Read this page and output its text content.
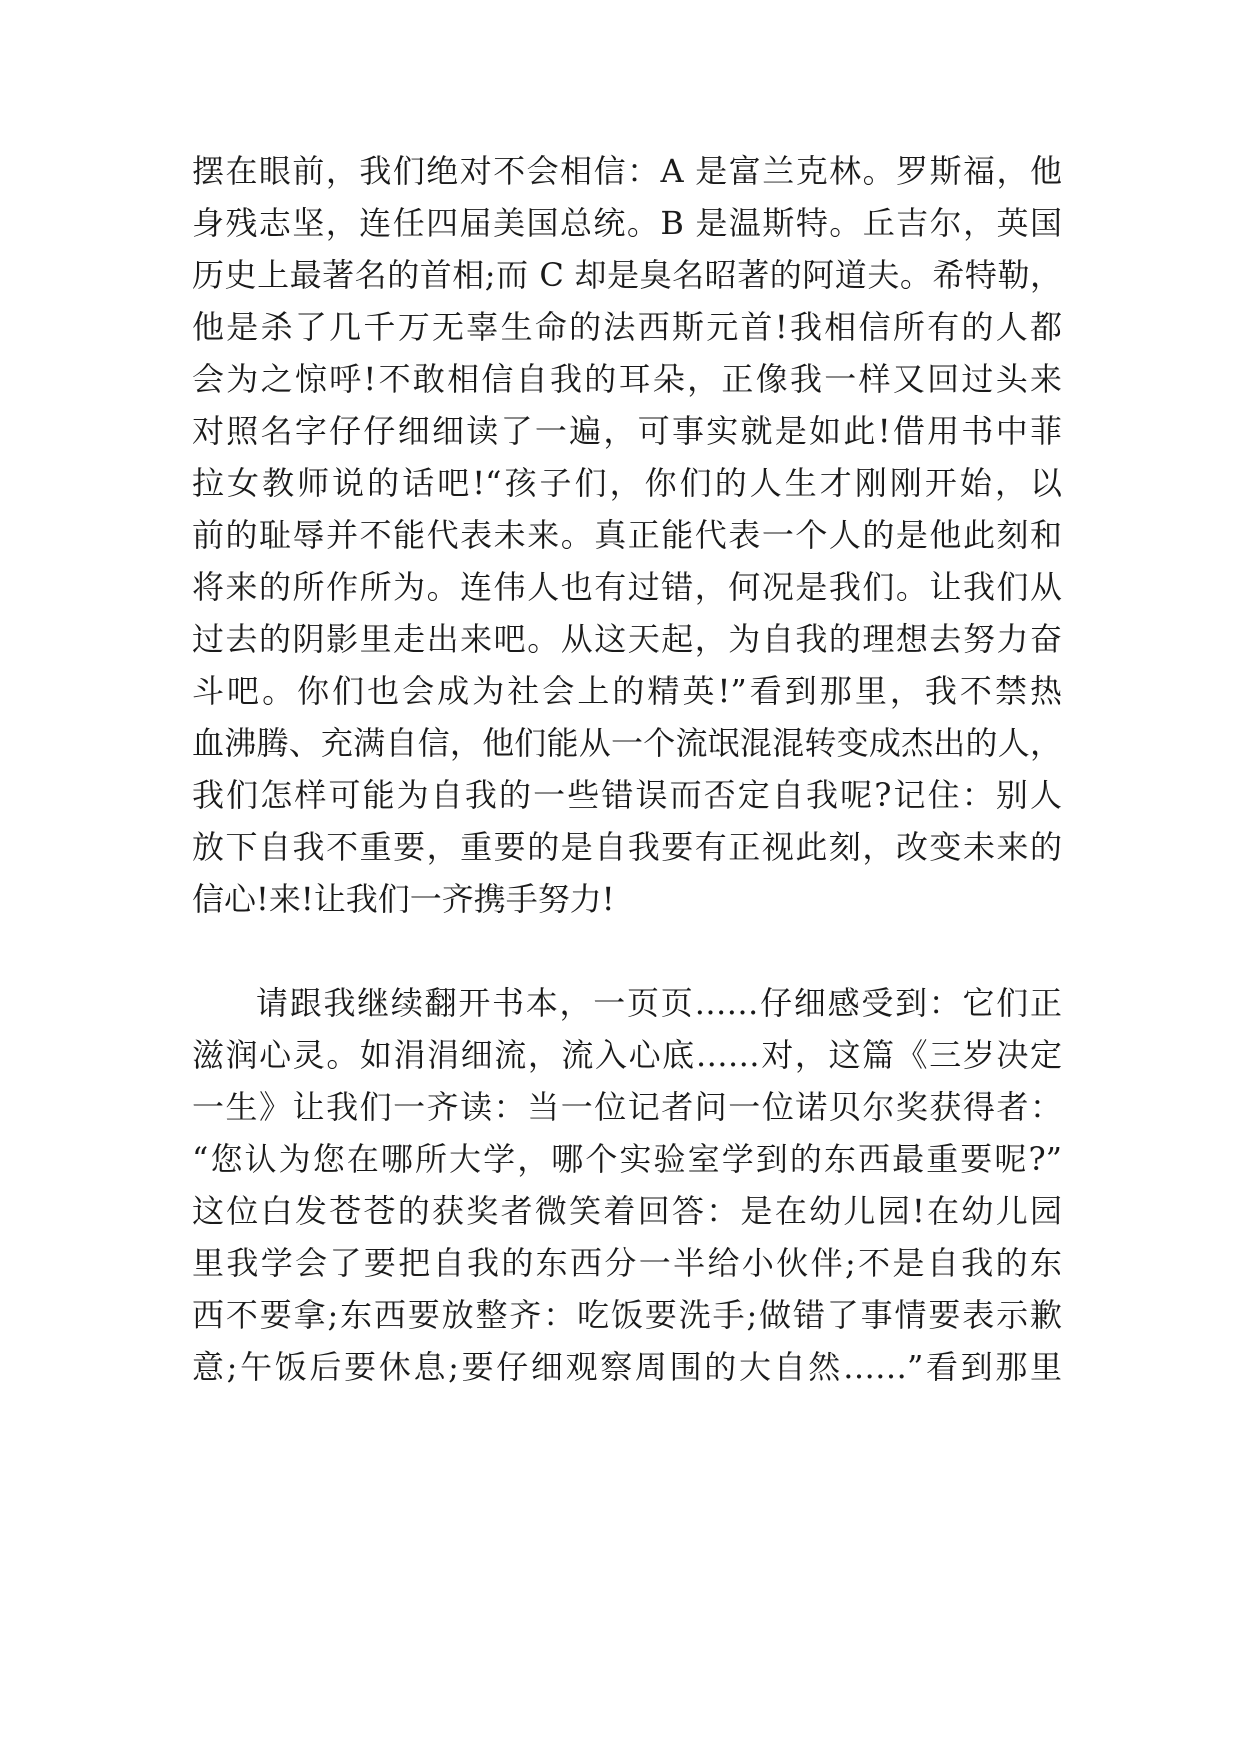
摆在眼前，我们绝对不会相信：A 是富兰克林。罗斯福，他
身残志坚，连任四届美国总统。B 是温斯特。丘吉尔，英国
历史上最著名的首相;而 C 却是臭名昭著的阿道夫。希特勒，
他是杀了几千万无辜生命的法西斯元首!我相信所有的人都
会为之惊呼!不敢相信自我的耳朵，正像我一样又回过头来
对照名字仔仔细细读了一遍，可事实就是如此!借用书中菲
拉女教师说的话吧!“孩子们，你们的人生才刚刚开始，以
前的耻辱并不能代表未来。真正能代表一个人的是他此刻和
将来的所作所为。连伟人也有过错，何况是我们。让我们从
过去的阴影里走出来吧。从这天起，为自我的理想去努力奋
斗吧。你们也会成为社会上的精英!”看到那里，我不禁热
血沸腾、充满自信，他们能从一个流氓混混转变成杰出的人，
我们怎样可能为自我的一些错误而否定自我呢?记住：别人
放下自我不重要，重要的是自我要有正视此刻，改变未来的
信心!来!让我们一齐携手努力!
请跟我继续翻开书本，一页页……仔细感受到：它们正
滋润心灵。如涓涓细流，流入心底……对，这篇《三岁决定
一生》让我们一齐读：当一位记者问一位诺贝尔奖获得者：
“您认为您在哪所大学，哪个实验室学到的东西最重要呢?”
这位白发苍苍的获奖者微笑着回答：是在幼儿园!在幼儿园
里我学会了要把自我的东西分一半给小伙伴;不是自我的东
西不要拿;东西要放整齐：吃饭要洗手;做错了事情要表示歉
意;午饭后要休息;要仔细观察周围的大自然……”看到那里
